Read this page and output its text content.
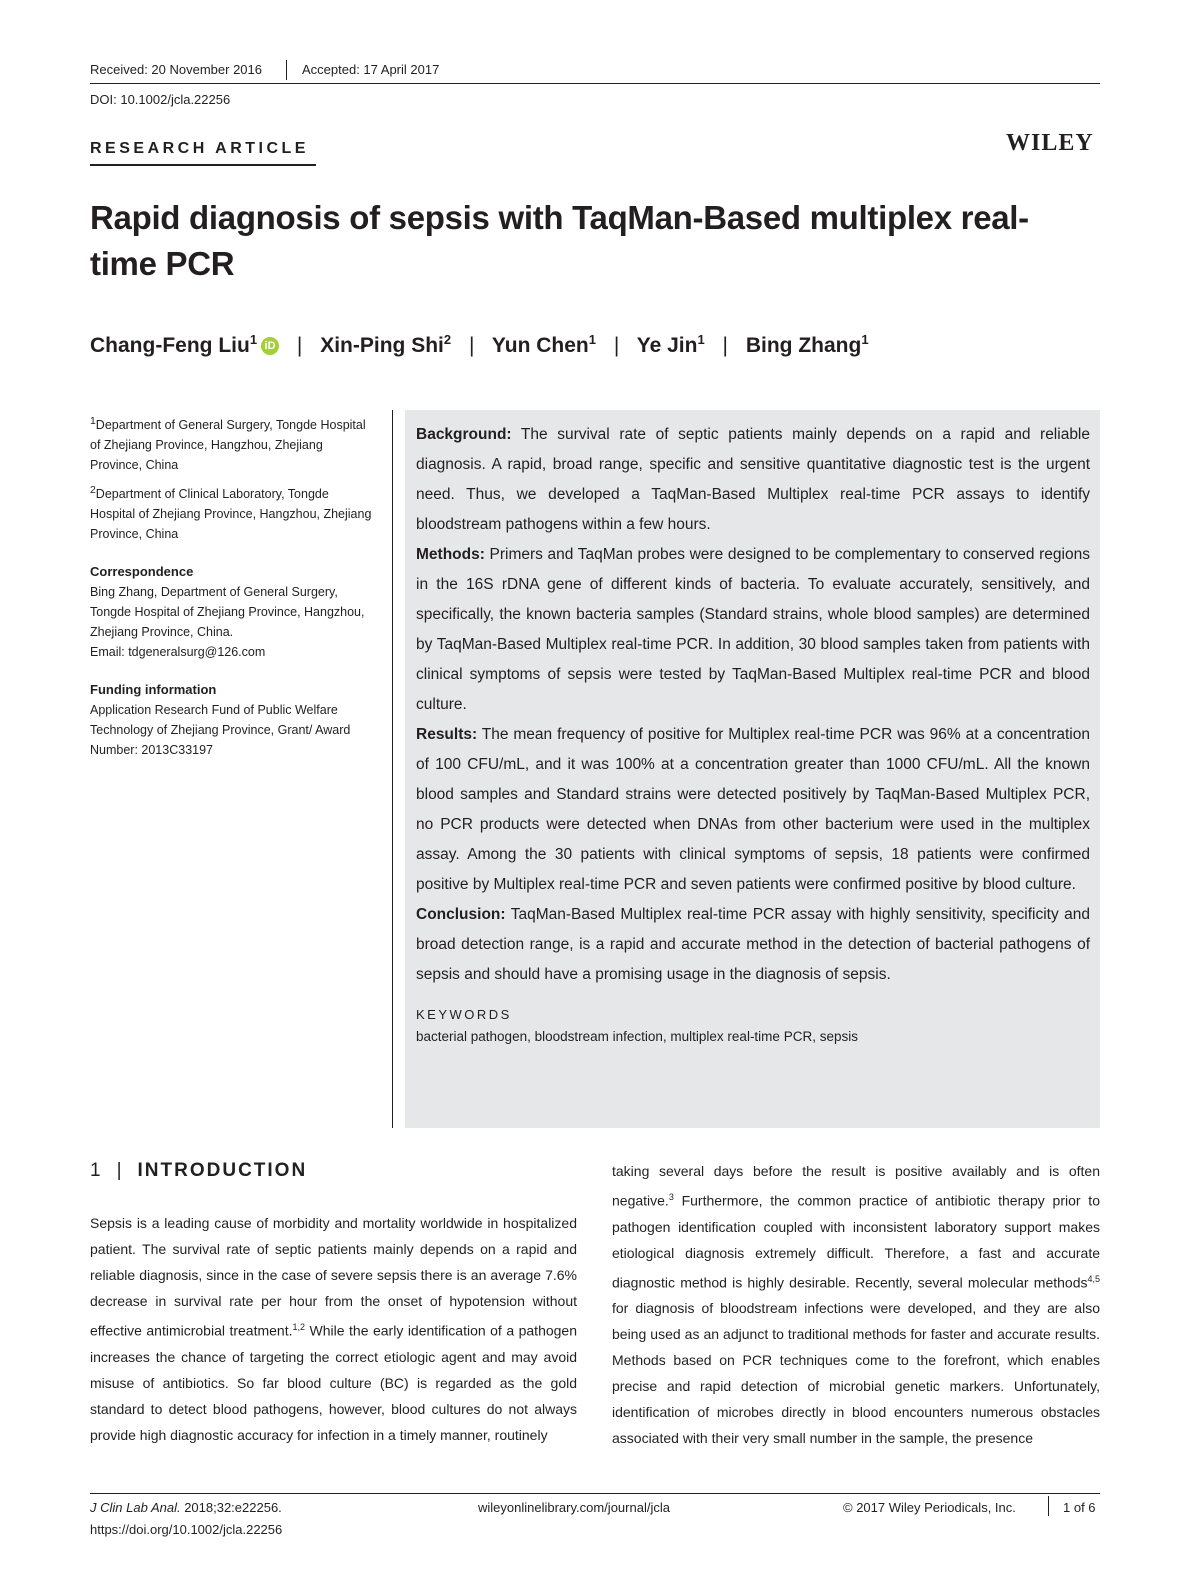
Received: 20 November 2016	Accepted: 17 April 2017
DOI: 10.1002/jcla.22256
RESEARCH ARTICLE	WILEY
Rapid diagnosis of sepsis with TaqMan-Based multiplex real-time PCR
Chang-Feng Liu$^1$ iD | Xin-Ping Shi$^2$ | Yun Chen$^1$ | Ye Jin$^1$ | Bing Zhang$^1$

$^1$Department of General Surgery, Tongde Hospital of Zhejiang Province, Hangzhou, Zhejiang Province, China

$^2$Department of Clinical Laboratory, Tongde Hospital of Zhejiang Province, Hangzhou, Zhejiang Province, China

Correspondence

Bing Zhang, Department of General Surgery, Tongde Hospital of Zhejiang Province, Hangzhou, Zhejiang Province, China.

Email: tdgeneralsurg@126.com

Funding information

Application Research Fund of Public Welfare Technology of Zhejiang Province, Grant/ Award Number: 2013C33197

Background: The survival rate of septic patients mainly depends on a rapid and reliable diagnosis. A rapid, broad range, specific and sensitive quantitative diagnostic test is the urgent need. Thus, we developed a TaqMan-Based Multiplex real-time PCR assays to identify bloodstream pathogens within a few hours.

Methods: Primers and TaqMan probes were designed to be complementary to conserved regions in the 16S rDNA gene of different kinds of bacteria. To evaluate accurately, sensitively, and specifically, the known bacteria samples (Standard strains, whole blood samples) are determined by TaqMan-Based Multiplex real-time PCR. In addition, 30 blood samples taken from patients with clinical symptoms of sepsis were tested by TaqMan-Based Multiplex real-time PCR and blood culture.

Results: The mean frequency of positive for Multiplex real-time PCR was 96% at a concentration of 100 CFU/mL, and it was 100% at a concentration greater than 1000 CFU/mL. All the known blood samples and Standard strains were detected positively by TaqMan-Based Multiplex PCR, no PCR products were detected when DNAs from other bacterium were used in the multiplex assay. Among the 30 patients with clinical symptoms of sepsis, 18 patients were confirmed positive by Multiplex real-time PCR and seven patients were confirmed positive by blood culture.

Conclusion: TaqMan-Based Multiplex real-time PCR assay with highly sensitivity, specificity and broad detection range, is a rapid and accurate method in the detection of bacterial pathogens of sepsis and should have a promising usage in the diagnosis of sepsis.

KEYWORDS

bacterial pathogen, bloodstream infection, multiplex real-time PCR, sepsis

1 | INTRODUCTION

Sepsis is a leading cause of morbidity and mortality worldwide in hospitalized patient. The survival rate of septic patients mainly depends on a rapid and reliable diagnosis, since in the case of severe sepsis there is an average 7.6% decrease in survival rate per hour from the onset of hypotension without effective antimicrobial treatment.$^{1,2}$ While the early identification of a pathogen increases the chance of targeting the correct etiologic agent and may avoid misuse of antibiotics. So far blood culture (BC) is regarded as the gold standard to detect blood pathogens, however, blood cultures do not always provide high diagnostic accuracy for infection in a timely manner, routinely

taking several days before the result is positive availably and is often negative.$^3$ Furthermore, the common practice of antibiotic therapy prior to pathogen identification coupled with inconsistent laboratory support makes etiological diagnosis extremely difficult. Therefore, a fast and accurate diagnostic method is highly desirable. Recently, several molecular methods$^{4,5}$ for diagnosis of bloodstream infections were developed, and they are also being used as an adjunct to traditional methods for faster and accurate results. Methods based on PCR techniques come to the forefront, which enables precise and rapid detection of microbial genetic markers. Unfortunately, identification of microbes directly in blood encounters numerous obstacles associated with their very small number in the sample, the presence

J Clin Lab Anal. 2018;32:e22256.
https://doi.org/10.1002/jcla.22256
wileyonlinelibrary.com/journal/jcla	© 2017 Wiley Periodicals, Inc.	1 of 6
